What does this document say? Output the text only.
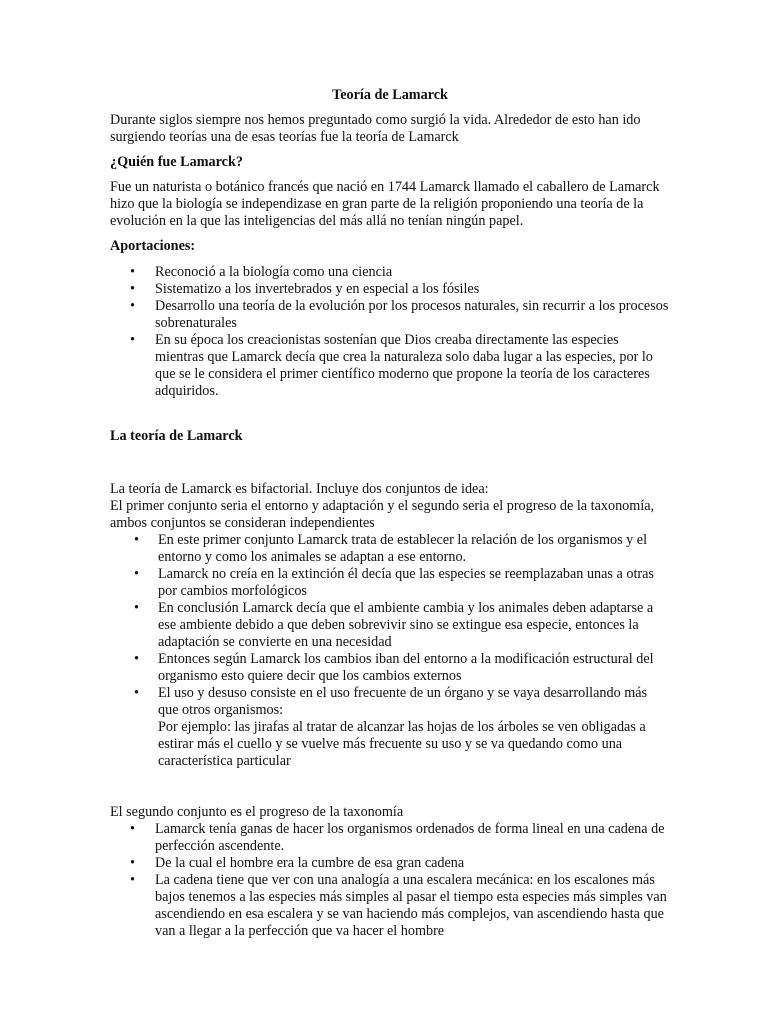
Teoría de Lamarck

Durante siglos siempre nos hemos preguntado como surgió la vida. Alrededor de esto han ido surgiendo teorías una de esas teorías fue la teoría de Lamarck

¿Quién fue Lamarck?

Fue un naturista o botánico francés que nació en 1744 Lamarck llamado el caballero de Lamarck hizo que la biología se independizase en gran parte de la religión proponiendo una teoría de la evolución en la que las inteligencias del más allá no tenían ningún papel.

Aportaciones:
• Reconoció a la biología como una ciencia
• Sistematizo a los invertebrados y en especial a los fósiles
• Desarrollo una teoría de la evolución por los procesos naturales, sin recurrir a los procesos sobrenaturales
• En su época los creacionistas sostenían que Dios creaba directamente las especies mientras que Lamarck decía que crea la naturaleza solo daba lugar a las especies, por lo que se le considera el primer científico moderno que propone la teoría de los caracteres adquiridos.
La teoría de Lamarck
La teoría de Lamarck es bifactorial. Incluye dos conjuntos de idea:
El primer conjunto seria el entorno y adaptación y el segundo seria el progreso de la taxonomía, ambos conjuntos se consideran independientes
• En este primer conjunto Lamarck trata de establecer la relación de los organismos y el entorno y como los animales se adaptan a ese entorno.
• Lamarck no creía en la extinción él decía que las especies se reemplazaban unas a otras por cambios morfológicos
• En conclusión Lamarck decía que el ambiente cambia y los animales deben adaptarse a ese ambiente debido a que deben sobrevivir sino se extingue esa especie, entonces la adaptación se convierte en una necesidad
• Entonces según Lamarck los cambios iban del entorno a la modificación estructural del organismo esto quiere decir que los cambios externos
• El uso y desuso consiste en el uso frecuente de un órgano y se vaya desarrollando más que otros organismos:
Por ejemplo: las jirafas al tratar de alcanzar las hojas de los árboles se ven obligadas a estirar más el cuello y se vuelve más frecuente su uso y se va quedando como una característica particular
El segundo conjunto es el progreso de la taxonomía
• Lamarck tenía ganas de hacer los organismos ordenados de forma lineal en una cadena de perfección ascendente.
• De la cual el hombre era la cumbre de esa gran cadena
• La cadena tiene que ver con una analogía a una escalera mecánica: en los escalones más bajos tenemos a las especies más simples al pasar el tiempo esta especies más simples van ascendiendo en esa escalera y se van haciendo más complejos, van ascendiendo hasta que van a llegar a la perfección que va hacer el hombre
